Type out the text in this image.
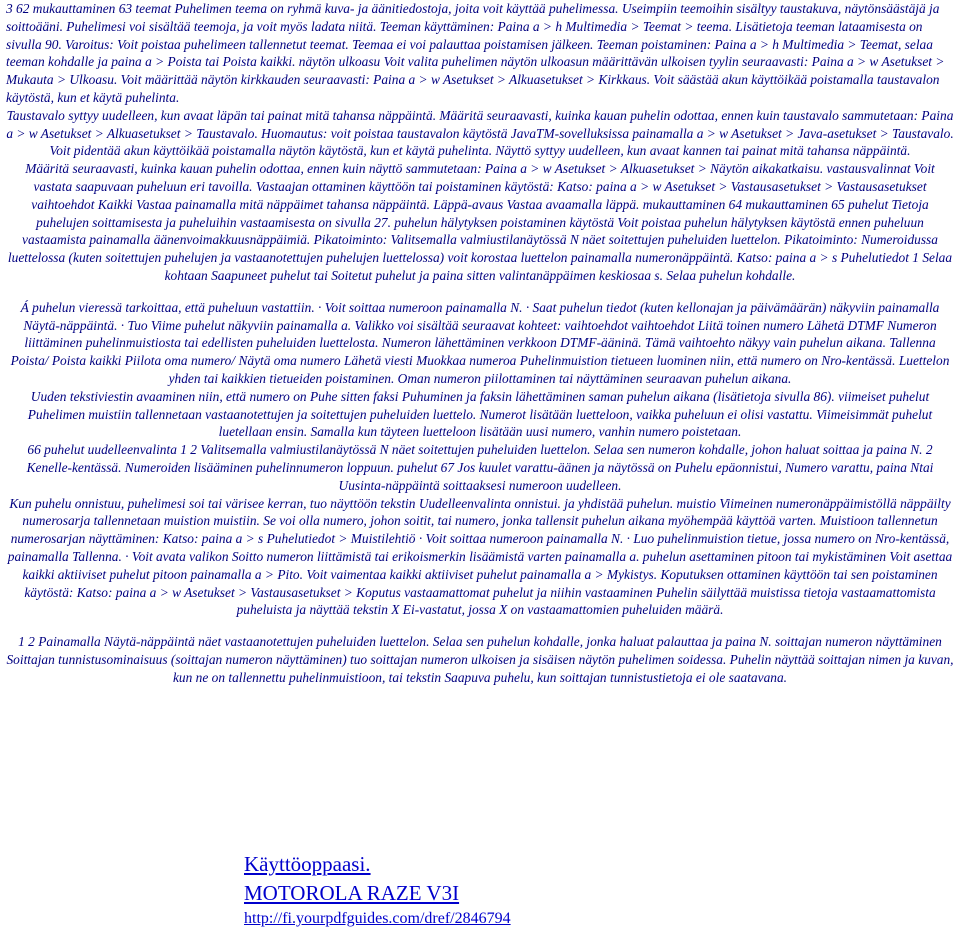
3 62 mukauttaminen 63 teemat Puhelimen teema on ryhmä kuva- ja äänitiedostoja, joita voit käyttää puhelimessa. Useimpiin teemoihin sisältyy taustakuva, näytönsäästäjä ja soittoääni. Puhelimesi voi sisältää teemoja, ja voit myös ladata niitä. Teeman käyttäminen: Paina a > h Multimedia > Teemat > teema. Lisätietoja teeman lataamisesta on sivulla 90. Varoitus: Voit poistaa puhelimeen tallennetut teemat. Teemaa ei voi palauttaa poistamisen jälkeen. Teeman poistaminen: Paina a > h Multimedia > Teemat, selaa teeman kohdalle ja paina a > Poista tai Poista kaikki. näytön ulkoasu Voit valita puhelimen näytön ulkoasun määrittävän ulkoisen tyylin seuraavasti: Paina a > w Asetukset > Mukauta > Ulkoasu. Voit määrittää näytön kirkkauden seuraavasti: Paina a > w Asetukset > Alkuasetukset > Kirkkaus. Voit säästää akun käyttöikää poistamalla taustavalon käytöstä, kun et käytä puhelinta.

Taustavalo syttyy uudelleen, kun avaat läpän tai painat mitä tahansa näppäintä. Määritä seuraavasti, kuinka kauan puhelin odottaa, ennen kuin taustavalo sammutetaan: Paina a > w Asetukset > Alkuasetukset > Taustavalo. Huomautus: voit poistaa taustavalon käytöstä JavaTM-sovelluksissa painamalla a > w Asetukset > Java-asetukset > Taustavalo. Voit pidentää akun käyttöikää poistamalla näytön käytöstä, kun et käytä puhelinta. Näyttö syttyy uudelleen, kun avaat kannen tai painat mitä tahansa näppäintä.

Määritä seuraavasti, kuinka kauan puhelin odottaa, ennen kuin näyttö sammutetaan: Paina a > w Asetukset > Alkuasetukset > Näytön aikakatkaisu. vastausvalinnat Voit vastata saapuvaan puheluun eri tavoilla. Vastaajan ottaminen käyttöön tai poistaminen käytöstä: Katso: paina a > w Asetukset > Vastausasetukset > Vastausasetukset vaihtoehdot Kaikki Vastaa painamalla mitä näppäimet tahansa näppäintä. Läppä-avaus Vastaa avaamalla läppä. mukauttaminen 64 mukauttaminen 65 puhelut Tietoja puhelujen soittamisesta ja puheluihin vastaamisesta on sivulla 27. puhelun hälytyksen poistaminen käytöstä Voit poistaa puhelun hälytyksen käytöstä ennen puheluun vastaamista painamalla äänenvoimakkuusnäppäimiä. Pikatoiminto: Valitsemalla valmiustilanäytössä N näet soitettujen puheluiden luettelon. Pikatoiminto: Numeroidussa luettelossa (kuten soitettujen puhelujen ja vastaanotettujen puhelujen luettelossa) voit korostaa luettelon painamalla numeronäppäintä. Katso: paina a > s Puhelutiedot 1 Selaa kohtaan Saapuneet puhelut tai Soitetut puhelut ja paina sitten valintanäppäimen keskiosaa s. Selaa puhelun kohdalle.

Á puhelun vieressä tarkoittaa, että puheluun vastattiin. · Voit soittaa numeroon painamalla N. · Saat puhelun tiedot (kuten kellonajan ja päivämäärän) näkyviin painamalla Näytä-näppäintä. · Tuo Viime puhelut näkyviin painamalla a. Valikko voi sisältää seuraavat kohteet: vaihtoehdot vaihtoehdot Liitä toinen numero Lähetä DTMF Numeron liittäminen puhelinmuistiosta tai edellisten puheluiden luettelosta. Numeron lähettäminen verkkoon DTMF-ääninä. Tämä vaihtoehto näkyy vain puhelun aikana. Tallenna Poista/ Poista kaikki Piilota oma numero/ Näytä oma numero Lähetä viesti Muokkaa numeroa Puhelinmuistion tietueen luominen niin, että numero on Nro-kentässä. Luettelon yhden tai kaikkien tietueiden poistaminen. Oman numeron piilottaminen tai näyttäminen seuraavan puhelun aikana.

Uuden tekstiviestin avaaminen niin, että numero on Puhe sitten faksi Puhuminen ja faksin lähettäminen saman puhelun aikana (lisätietoja sivulla 86). viimeiset puhelut Puhelimen muistiin tallennetaan vastaanotettujen ja soitettujen puheluiden luettelo. Numerot lisätään luetteloon, vaikka puheluun ei olisi vastattu. Viimeisimmät puhelut luetellaan ensin. Samalla kun täyteen luetteloon lisätään uusi numero, vanhin numero poistetaan.

66 puhelut uudelleenvalinta 1 2 Valitsemalla valmiustilanäytössä N näet soitettujen puheluiden luettelon. Selaa sen numeron kohdalle, johon haluat soittaa ja paina N. 2 Kenelle-kentässä. Numeroiden lisääminen puhelinnumeron loppuun. puhelut 67 Jos kuulet varattu-äänen ja näytössä on Puhelu epäonnistui, Numero varattu, paina Ntai Uusinta-näppäintä soittaaksesi numeroon uudelleen.

Kun puhelu onnistuu, puhelimesi soi tai värisee kerran, tuo näyttöön tekstin Uudelleenvalinta onnistui. ja yhdistää puhelun. muistio Viimeinen numeronäppäimistöllä näppäilty numerosarja tallennetaan muistion muistiin. Se voi olla numero, johon soitit, tai numero, jonka tallensit puhelun aikana myöhempää käyttöä varten. Muistioon tallennetun numerosarjan näyttäminen: Katso: paina a > s Puhelutiedot > Muistilehtiö · Voit soittaa numeroon painamalla N. · Luo puhelinmuistion tietue, jossa numero on Nro-kentässä, painamalla Tallenna. · Voit avata valikon Soitto numeron liittämistä tai erikoismerkin lisäämistä varten painamalla a. puhelun asettaminen pitoon tai mykistäminen Voit asettaa kaikki aktiiviset puhelut pitoon painamalla a > Pito. Voit vaimentaa kaikki aktiiviset puhelut painamalla a > Mykistys. Koputuksen ottaminen käyttöön tai sen poistaminen käytöstä: Katso: paina a > w Asetukset > Vastausasetukset > Koputus vastaamattomat puhelut ja niihin vastaaminen Puhelin säilyttää muistissa tietoja vastaamattomista puheluista ja näyttää tekstin X Ei-vastatut, jossa X on vastaamattomien puheluiden määrä.

1 2 Painamalla Näytä-näppäintä näet vastaanotettujen puheluiden luettelon. Selaa sen puhelun kohdalle, jonka haluat palauttaa ja paina N. soittajan numeron näyttäminen Soittajan tunnistusominaisuus (soittajan numeron näyttäminen) tuo soittajan numeron ulkoisen ja sisäisen näytön puhelimen soidessa. Puhelin näyttää soittajan nimen ja kuvan, kun ne on tallennettu puhelinmuistioon, tai tekstin Saapuva puhelu, kun soittajan tunnistustietoja ei ole saatavana.

Käyttöoppaasi.
MOTOROLA RAZE V3I
http://fi.yourpdfguides.com/dref/2846794
